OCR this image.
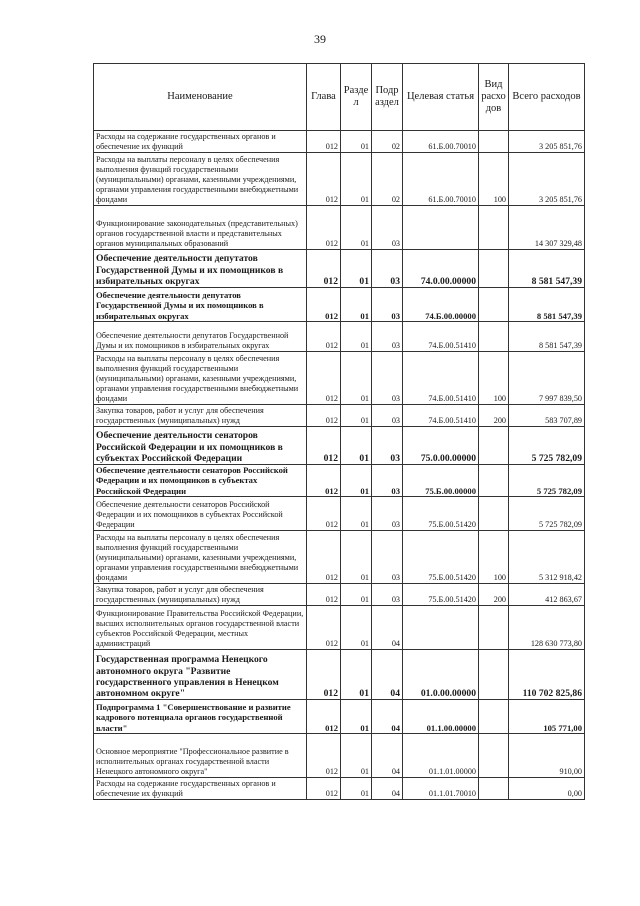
39
Наименование	Глава	Разде л	Подр аздел	Целевая статья	Вид расхо дов	Всего расходов
Расходы на содержание государственных органов и обеспечение их функций	012	01	02	61.Б.00.70010		3 205 851,76
Расходы на выплаты персоналу в целях обеспечения выполнения функций государственными (муниципальными) органами, казенными учреждениями, органами управления государственными внебюджетными фондами	012	01	02	61.Б.00.70010	100	3 205 851,76
Функционирование законодательных (представительных) органов государственной власти и представительных органов муниципальных образований	012	01	03			14 307 329,48
Обеспечение деятельности депутатов Государственной Думы и их помощников в избирательных округах	012	01	03	74.0.00.00000		8 581 547,39
Обеспечение деятельности депутатов Государственной Думы и их помощников в избирательных округах	012	01	03	74.Б.00.00000		8 581 547,39
Обеспечение деятельности депутатов Государственной Думы и их помощников в избирательных округах	012	01	03	74.Б.00.51410		8 581 547,39
Расходы на выплаты персоналу в целях обеспечения выполнения функций государственными (муниципальными) органами, казенными учреждениями, органами управления государственными внебюджетными фондами	012	01	03	74.Б.00.51410	100	7 997 839,50
Закупка товаров, работ и услуг для обеспечения государственных (муниципальных) нужд	012	01	03	74.Б.00.51410	200	583 707,89
Обеспечение деятельности сенаторов Российской Федерации и их помощников в субъектах Российской Федерации	012	01	03	75.0.00.00000		5 725 782,09
Обеспечение деятельности сенаторов Российской Федерации и их помощников в субъектах Российской Федерации	012	01	03	75.Б.00.00000		5 725 782,09
Обеспечение деятельности сенаторов Российской Федерации и их помощников в субъектах Российской Федерации	012	01	03	75.Б.00.51420		5 725 782,09
Расходы на выплаты персоналу в целях обеспечения выполнения функций государственными (муниципальными) органами, казенными учреждениями, органами управления государственными внебюджетными фондами	012	01	03	75.Б.00.51420	100	5 312 918,42
Закупка товаров, работ и услуг для обеспечения государственных (муниципальных) нужд	012	01	03	75.Б.00.51420	200	412 863,67
Функционирование Правительства Российской Федерации, высших исполнительных органов государственной власти субъектов Российской Федерации, местных администраций	012	01	04			128 630 773,80
Государственная программа Ненецкого автономного округа "Развитие государственного управления в Ненецком автономном округе"	012	01	04	01.0.00.00000		110 702 825,86
Подпрограмма 1 "Совершенствование и развитие кадрового потенциала органов государственной власти"	012	01	04	01.1.00.00000		105 771,00
Основное мероприятие "Профессиональное развитие в исполнительных органах государственной власти Ненецкого автономного округа"	012	01	04	01.1.01.00000		910,00
Расходы на содержание государственных органов и обеспечение их функций	012	01	04	01.1.01.70010		0,00
